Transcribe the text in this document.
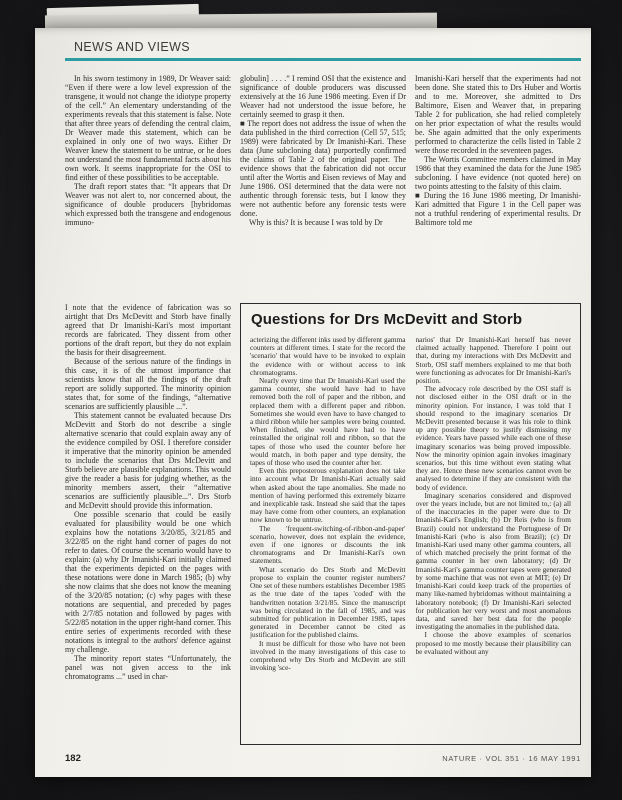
NEWS AND VIEWS

In his sworn testimony in 1989, Dr Weaver said: “Even if there were a low level expression of the transgene, it would not change the idiotype property of the cell.” An elementary understanding of the experiments reveals that this statement is false. Note that after three years of defending the central claim, Dr Weaver made this statement, which can be explained in only one of two ways. Either Dr Weaver knew the statement to be untrue, or he does not understand the most fundamental facts about his own work. It seems inappropriate for the OSI to find either of these possibilities to be acceptable.

The draft report states that: “It appears that Dr Weaver was not alert to, nor concerned about, the significance of double producers [hybridomas which expressed both the transgene and endogenous immuno-

globulin] . . . .” I remind OSI that the existence and significance of double producers was discussed extensively at the 16 June 1986 meeting. Even if Dr Weaver had not understood the issue before, he certainly seemed to grasp it then.

■ The report does not address the issue of when the data published in the third correction (Cell 57, 515; 1989) were fabricated by Dr Imanishi-Kari. These data (June subcloning data) purportedly confirmed the claims of Table 2 of the original paper. The evidence shows that the fabrication did not occur until after the Wortis and Eisen reviews of May and June 1986. OSI determined that the data were not authentic through forensic tests, but I know they were not authentic before any forensic tests were done.

Why is this? It is because I was told by Dr

Imanishi-Kari herself that the experiments had not been done. She stated this to Drs Huber and Wortis and to me. Moreover, she admitted to Drs Baltimore, Eisen and Weaver that, in preparing Table 2 for publication, she had relied completely on her prior expectation of what the results would be. She again admitted that the only experiments performed to characterize the cells listed in Table 2 were those recorded in the seventeen pages.

The Wortis Committee members claimed in May 1986 that they examined the data for the June 1985 subcloning. I have evidence (not quoted here) on two points attesting to the falsity of this claim.

■ During the 16 June 1986 meeting, Dr Imanishi-Kari admitted that Figure 1 in the Cell paper was not a truthful rendering of experimental results. Dr Baltimore told me

I note that the evidence of fabrication was so airtight that Drs McDevitt and Storb have finally agreed that Dr Imanishi-Kari's most important records are fabricated. They dissent from other portions of the draft report, but they do not explain the basis for their disagreement.

Because of the serious nature of the findings in this case, it is of the utmost importance that scientists know that all the findings of the draft report are solidly supported. The minority opinion states that, for some of the findings, “alternative scenarios are sufficiently plausible ...”.

This statement cannot be evaluated because Drs McDevitt and Storb do not describe a single alternative scenario that could explain away any of the evidence compiled by OSI. I therefore consider it imperative that the minority opinion be amended to include the scenarios that Drs McDevitt and Storb believe are plausible explanations. This would give the reader a basis for judging whether, as the minority members assert, their “alternative scenarios are sufficiently plausible...”. Drs Storb and McDevitt should provide this information.

One possible scenario that could be easily evaluated for plausibility would be one which explains how the notations 3/20/85, 3/21/85 and 3/22/85 on the right hand corner of pages do not refer to dates. Of course the scenario would have to explain: (a) why Dr Imanishi-Kari initially claimed that the experiments depicted on the pages with these notations were done in March 1985; (b) why she now claims that she does not know the meaning of the 3/20/85 notation; (c) why pages with these notations are sequential, and preceded by pages with 2/7/85 notation and followed by pages with 5/22/85 notation in the upper right-hand corner. This entire series of experiments recorded with these notations is integral to the authors' defence against my challenge.

The minority report states “Unfortunately, the panel was not given access to the ink chromatograms ...” used in char-

Questions for Drs McDevitt and Storb

acterizing the different inks used by different gamma counters at different times. I state for the record the 'scenario' that would have to be invoked to explain the evidence with or without access to ink chromatograms.

Nearly every time that Dr Imanishi-Kari used the gamma counter, she would have had to have removed both the roll of paper and the ribbon, and replaced them with a different paper and ribbon. Sometimes she would even have to have changed to a third ribbon while her samples were being counted. When finished, she would have had to have reinstalled the original roll and ribbon, so that the tapes of those who used the counter before her would match, in both paper and type density, the tapes of those who used the counter after her.

Even this preposterous explanation does not take into account what Dr Imanishi-Kari actually said when asked about the tape anomalies. She made no mention of having performed this extremely bizarre and inexplicable task. Instead she said that the tapes may have come from other counters, an explanation now known to be untrue.

The 'frequent-switching-of-ribbon-and-paper' scenario, however, does not explain the evidence, even if one ignores or discounts the ink chromatograms and Dr Imanishi-Kari's own statements.

What scenario do Drs Storb and McDevitt propose to explain the counter register numbers? One set of these numbers establishes December 1985 as the true date of the tapes 'coded' with the handwritten notation 3/21/85. Since the manuscript was being circulated in the fall of 1985, and was submitted for publication in December 1985, tapes generated in December cannot be cited as justification for the published claims.

It must be difficult for those who have not been involved in the many investigations of this case to comprehend why Drs Storb and McDevitt are still invoking 'sce-

narios' that Dr Imanishi-Kari herself has never claimed actually happened. Therefore I point out that, during my interactions with Drs McDevitt and Storb, OSI staff members explained to me that both were functioning as advocates for Dr Imanishi-Kari's position.

The advocacy role described by the OSI staff is not disclosed either in the OSI draft or in the minority opinion. For instance, I was told that I should respond to the imaginary scenarios Dr McDevitt presented because it was his role to think up any possible theory to justify dismissing my evidence. Years have passed while each one of these imaginary scenarios was being proved impossible. Now the minority opinion again invokes imaginary scenarios, but this time without even stating what they are. Hence these new scenarios cannot even be analysed to determine if they are consistent with the body of evidence.

Imaginary scenarios considered and disproved over the years include, but are not limited to,: (a) all of the inaccuracies in the paper were due to Dr Imanishi-Kari's English; (b) Dr Reis (who is from Brazil) could not understand the Portuguese of Dr Imanishi-Kari (who is also from Brazil); (c) Dr Imanishi-Kari used many other gamma counters, all of which matched precisely the print format of the gamma counter in her own laboratory; (d) Dr Imanishi-Kari's gamma counter tapes were generated by some machine that was not even at MIT; (e) Dr Imanishi-Kari could keep track of the properties of many like-named hybridomas without maintaining a laboratory notebook; (f) Dr Imanishi-Kari selected for publication her very worst and most anomalous data, and saved her best data for the people investigating the anomalies in the published data.

I choose the above examples of scenarios proposed to me mostly because their plausibility can be evaluated without any

182	NATURE · VOL 351 · 16 MAY 1991
